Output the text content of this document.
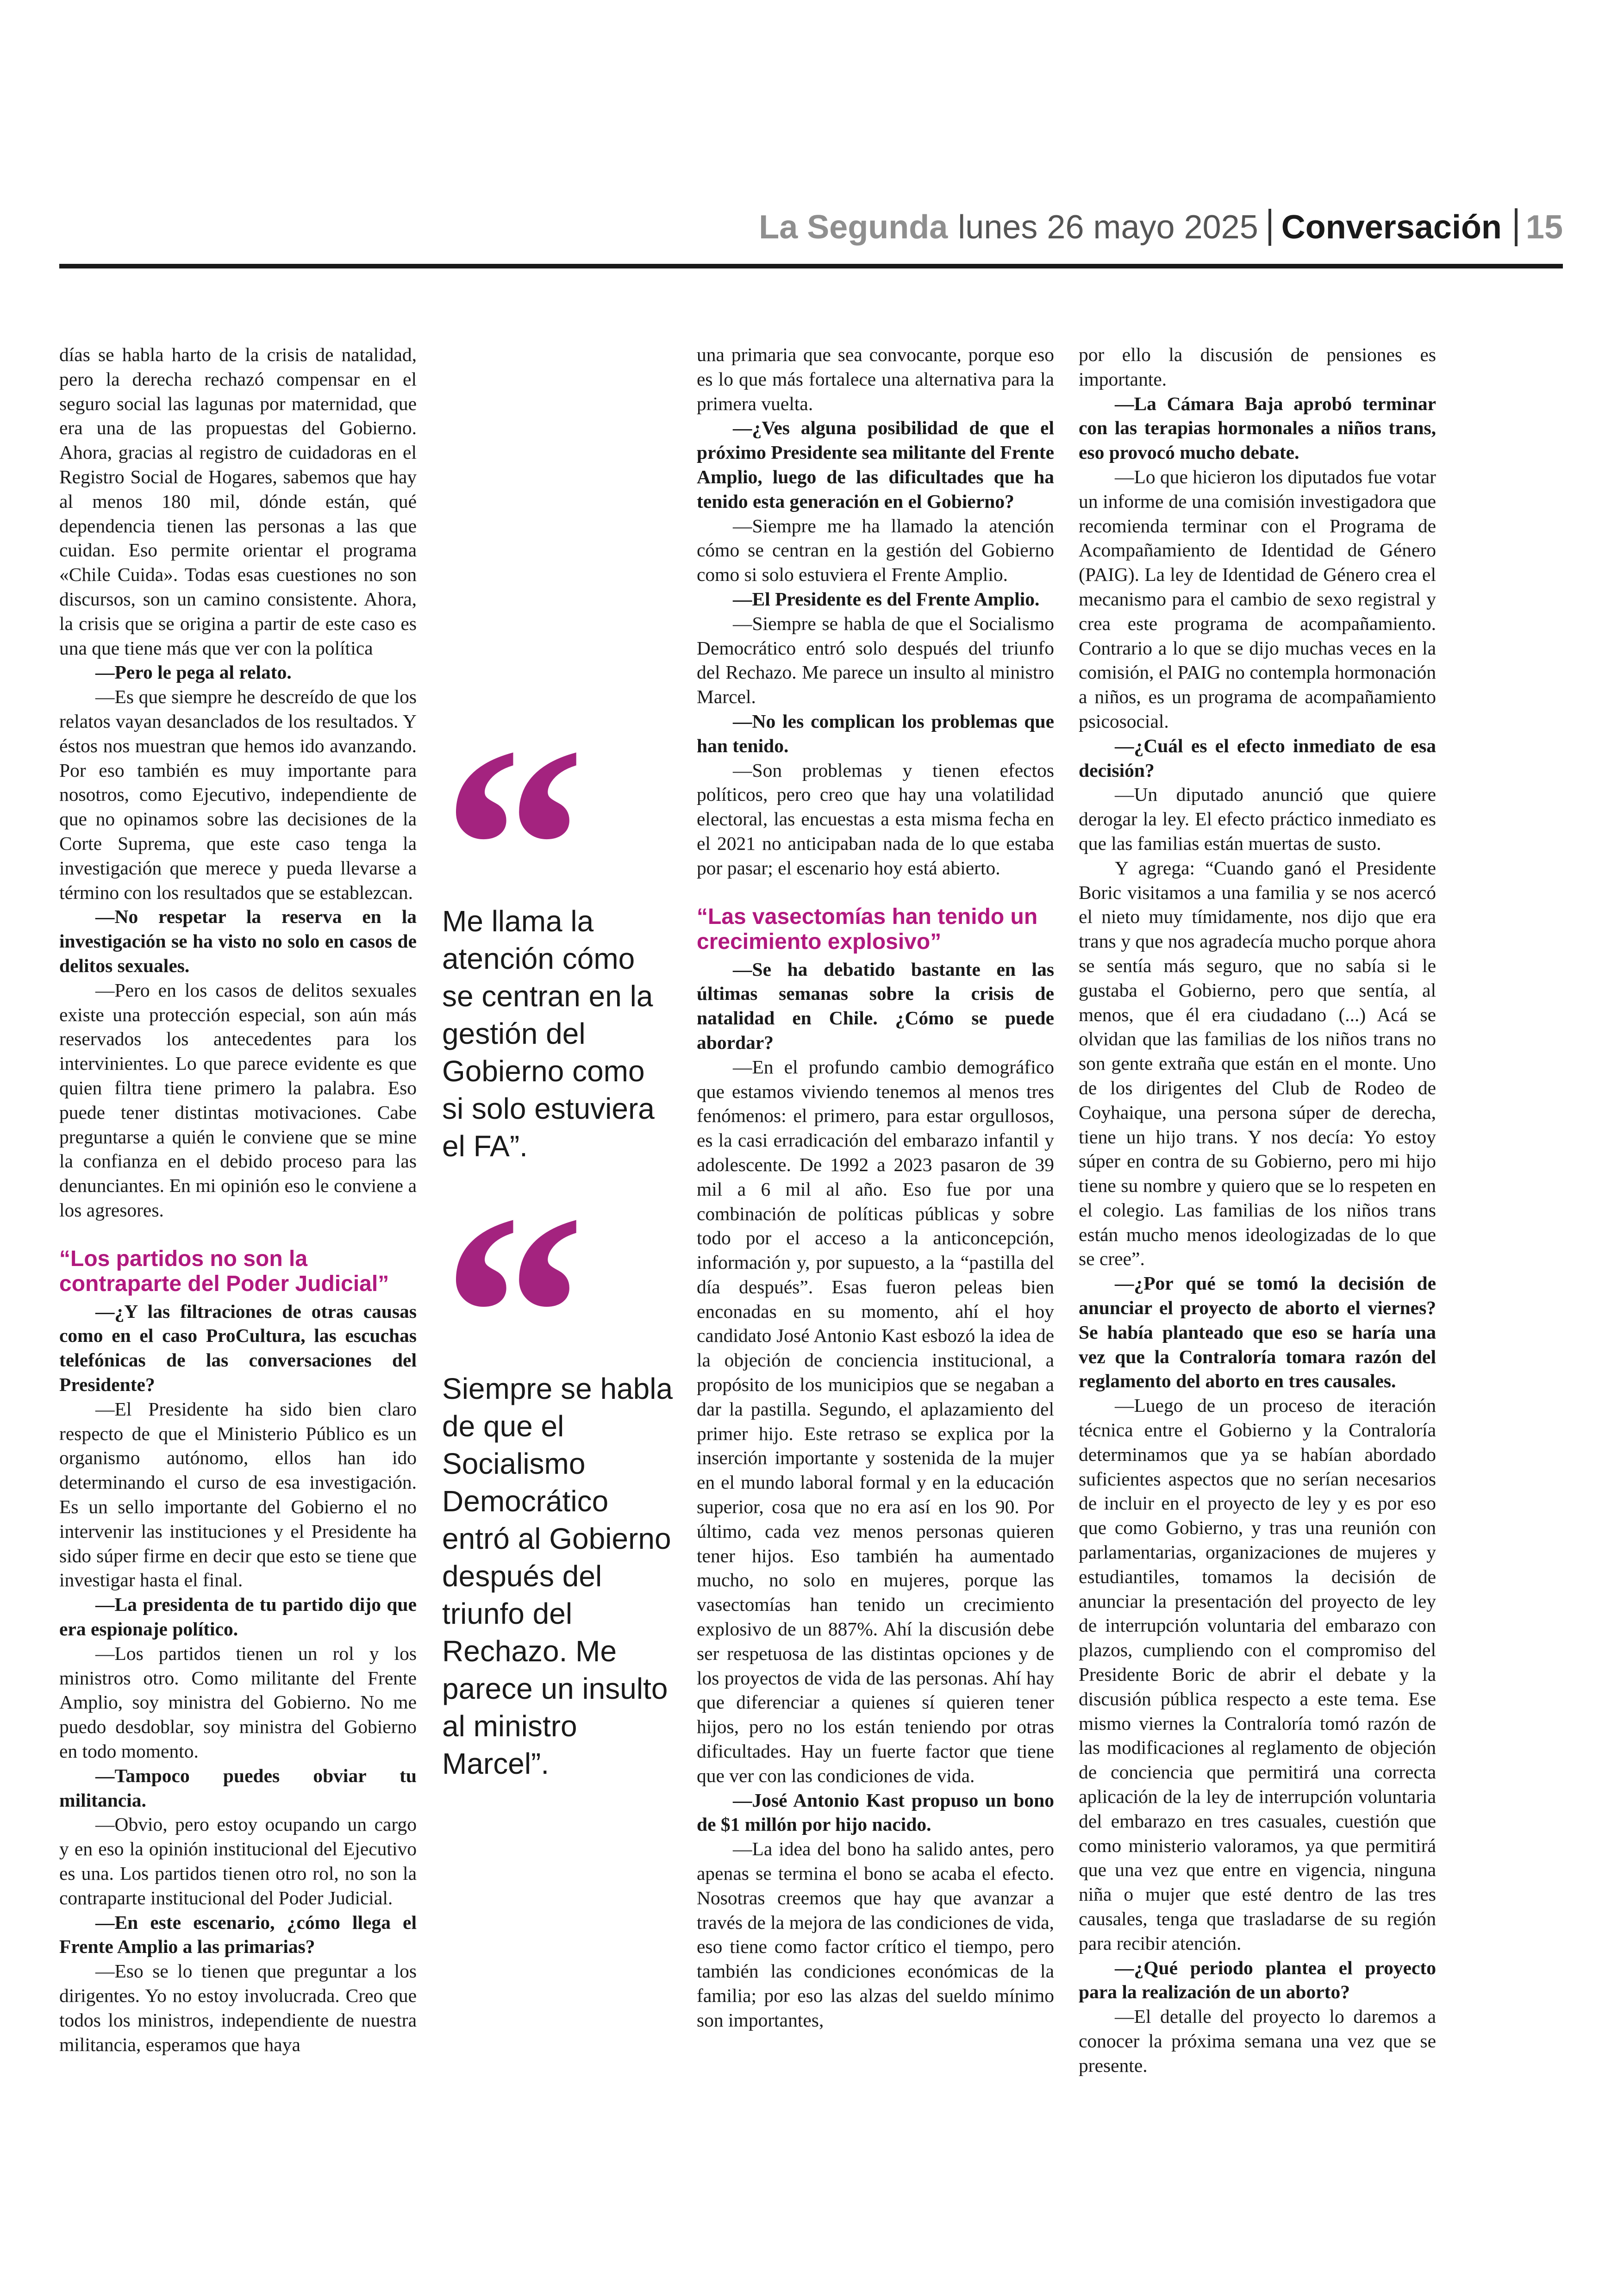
La Segunda lunes 26 mayo 2025 Conversación 15

días se habla harto de la crisis de natalidad, pero la derecha rechazó compensar en el seguro social las lagunas por maternidad, que era una de las propuestas del Gobierno. Ahora, gracias al registro de cuidadoras en el Registro Social de Hogares, sabemos que hay al menos 180 mil, dónde están, qué dependencia tienen las personas a las que cuidan. Eso permite orientar el programa «Chile Cuida». Todas esas cuestiones no son discursos, son un camino consistente. Ahora, la crisis que se origina a partir de este caso es una que tiene más que ver con la política

—Pero le pega al relato.

—Es que siempre he descreído de que los relatos vayan desanclados de los resultados. Y éstos nos muestran que hemos ido avanzando. Por eso también es muy importante para nosotros, como Ejecutivo, independiente de que no opinamos sobre las decisiones de la Corte Suprema, que este caso tenga la investigación que merece y pueda llevarse a término con los resultados que se establezcan.

—No respetar la reserva en la investigación se ha visto no solo en casos de delitos sexuales.

—Pero en los casos de delitos sexuales existe una protección especial, son aún más reservados los antecedentes para los intervinientes. Lo que parece evidente es que quien filtra tiene primero la palabra. Eso puede tener distintas motivaciones. Cabe preguntarse a quién le conviene que se mine la confianza en el debido proceso para las denunciantes. En mi opinión eso le conviene a los agresores.

“Los partidos no son la contraparte del Poder Judicial”

—¿Y las filtraciones de otras causas como en el caso ProCultura, las escuchas telefónicas de las conversaciones del Presidente?

—El Presidente ha sido bien claro respecto de que el Ministerio Público es un organismo autónomo, ellos han ido determinando el curso de esa investigación. Es un sello importante del Gobierno el no intervenir las instituciones y el Presidente ha sido súper firme en decir que esto se tiene que investigar hasta el final.

—La presidenta de tu partido dijo que era espionaje político.

—Los partidos tienen un rol y los ministros otro. Como militante del Frente Amplio, soy ministra del Gobierno. No me puedo desdoblar, soy ministra del Gobierno en todo momento.

—Tampoco puedes obviar tu militancia.

—Obvio, pero estoy ocupando un cargo y en eso la opinión institucional del Ejecutivo es una. Los partidos tienen otro rol, no son la contraparte institucional del Poder Judicial.

—En este escenario, ¿cómo llega el Frente Amplio a las primarias?

—Eso se lo tienen que preguntar a los dirigentes. Yo no estoy involucrada. Creo que todos los ministros, independiente de nuestra militancia, esperamos que haya

Me llama la atención cómo se centran en la gestión del Gobierno como si solo estuviera el FA”.
Siempre se habla de que el Socialismo Democrático entró al Gobierno después del triunfo del Rechazo. Me parece un insulto al ministro Marcel”.

una primaria que sea convocante, porque eso es lo que más fortalece una alternativa para la primera vuelta.

—¿Ves alguna posibilidad de que el próximo Presidente sea militante del Frente Amplio, luego de las dificultades que ha tenido esta generación en el Gobierno?

—Siempre me ha llamado la atención cómo se centran en la gestión del Gobierno como si solo estuviera el Frente Amplio.

—El Presidente es del Frente Amplio.

—Siempre se habla de que el Socialismo Democrático entró solo después del triunfo del Rechazo. Me parece un insulto al ministro Marcel.

—No les complican los problemas que han tenido.

—Son problemas y tienen efectos políticos, pero creo que hay una volatilidad electoral, las encuestas a esta misma fecha en el 2021 no anticipaban nada de lo que estaba por pasar; el escenario hoy está abierto.

“Las vasectomías han tenido un crecimiento explosivo”

—Se ha debatido bastante en las últimas semanas sobre la crisis de natalidad en Chile. ¿Cómo se puede abordar?

—En el profundo cambio demográfico que estamos viviendo tenemos al menos tres fenómenos: el primero, para estar orgullosos, es la casi erradicación del embarazo infantil y adolescente. De 1992 a 2023 pasaron de 39 mil a 6 mil al año. Eso fue por una combinación de políticas públicas y sobre todo por el acceso a la anticoncepción, información y, por supuesto, a la “pastilla del día después”. Esas fueron peleas bien enconadas en su momento, ahí el hoy candidato José Antonio Kast esbozó la idea de la objeción de conciencia institucional, a propósito de los municipios que se negaban a dar la pastilla. Segundo, el aplazamiento del primer hijo. Este retraso se explica por la inserción importante y sostenida de la mujer en el mundo laboral formal y en la educación superior, cosa que no era así en los 90. Por último, cada vez menos personas quieren tener hijos. Eso también ha aumentado mucho, no solo en mujeres, porque las vasectomías han tenido un crecimiento explosivo de un 887%. Ahí la discusión debe ser respetuosa de las distintas opciones y de los proyectos de vida de las personas. Ahí hay que diferenciar a quienes sí quieren tener hijos, pero no los están teniendo por otras dificultades. Hay un fuerte factor que tiene que ver con las condiciones de vida.

—José Antonio Kast propuso un bono de $1 millón por hijo nacido.

—La idea del bono ha salido antes, pero apenas se termina el bono se acaba el efecto. Nosotras creemos que hay que avanzar a través de la mejora de las condiciones de vida, eso tiene como factor crítico el tiempo, pero también las condiciones económicas de la familia; por eso las alzas del sueldo mínimo son importantes,

por ello la discusión de pensiones es importante.

—La Cámara Baja aprobó terminar con las terapias hormonales a niños trans, eso provocó mucho debate.

—Lo que hicieron los diputados fue votar un informe de una comisión investigadora que recomienda terminar con el Programa de Acompañamiento de Identidad de Género (PAIG). La ley de Identidad de Género crea el mecanismo para el cambio de sexo registral y crea este programa de acompañamiento. Contrario a lo que se dijo muchas veces en la comisión, el PAIG no contempla hormonación a niños, es un programa de acompañamiento psicosocial.

—¿Cuál es el efecto inmediato de esa decisión?

—Un diputado anunció que quiere derogar la ley. El efecto práctico inmediato es que las familias están muertas de susto.

Y agrega: “Cuando ganó el Presidente Boric visitamos a una familia y se nos acercó el nieto muy tímidamente, nos dijo que era trans y que nos agradecía mucho porque ahora se sentía más seguro, que no sabía si le gustaba el Gobierno, pero que sentía, al menos, que él era ciudadano (...) Acá se olvidan que las familias de los niños trans no son gente extraña que están en el monte. Uno de los dirigentes del Club de Rodeo de Coyhaique, una persona súper de derecha, tiene un hijo trans. Y nos decía: Yo estoy súper en contra de su Gobierno, pero mi hijo tiene su nombre y quiero que se lo respeten en el colegio. Las familias de los niños trans están mucho menos ideologizadas de lo que se cree”.

—¿Por qué se tomó la decisión de anunciar el proyecto de aborto el viernes? Se había planteado que eso se haría una vez que la Contraloría tomara razón del reglamento del aborto en tres causales.

—Luego de un proceso de iteración técnica entre el Gobierno y la Contraloría determinamos que ya se habían abordado suficientes aspectos que no serían necesarios de incluir en el proyecto de ley y es por eso que como Gobierno, y tras una reunión con parlamentarias, organizaciones de mujeres y estudiantiles, tomamos la decisión de anunciar la presentación del proyecto de ley de interrupción voluntaria del embarazo con plazos, cumpliendo con el compromiso del Presidente Boric de abrir el debate y la discusión pública respecto a este tema. Ese mismo viernes la Contraloría tomó razón de las modificaciones al reglamento de objeción de conciencia que permitirá una correcta aplicación de la ley de interrupción voluntaria del embarazo en tres casuales, cuestión que como ministerio valoramos, ya que permitirá que una vez que entre en vigencia, ninguna niña o mujer que esté dentro de las tres causales, tenga que trasladarse de su región para recibir atención.

—¿Qué periodo plantea el proyecto para la realización de un aborto?

—El detalle del proyecto lo daremos a conocer la próxima semana una vez que se presente.
